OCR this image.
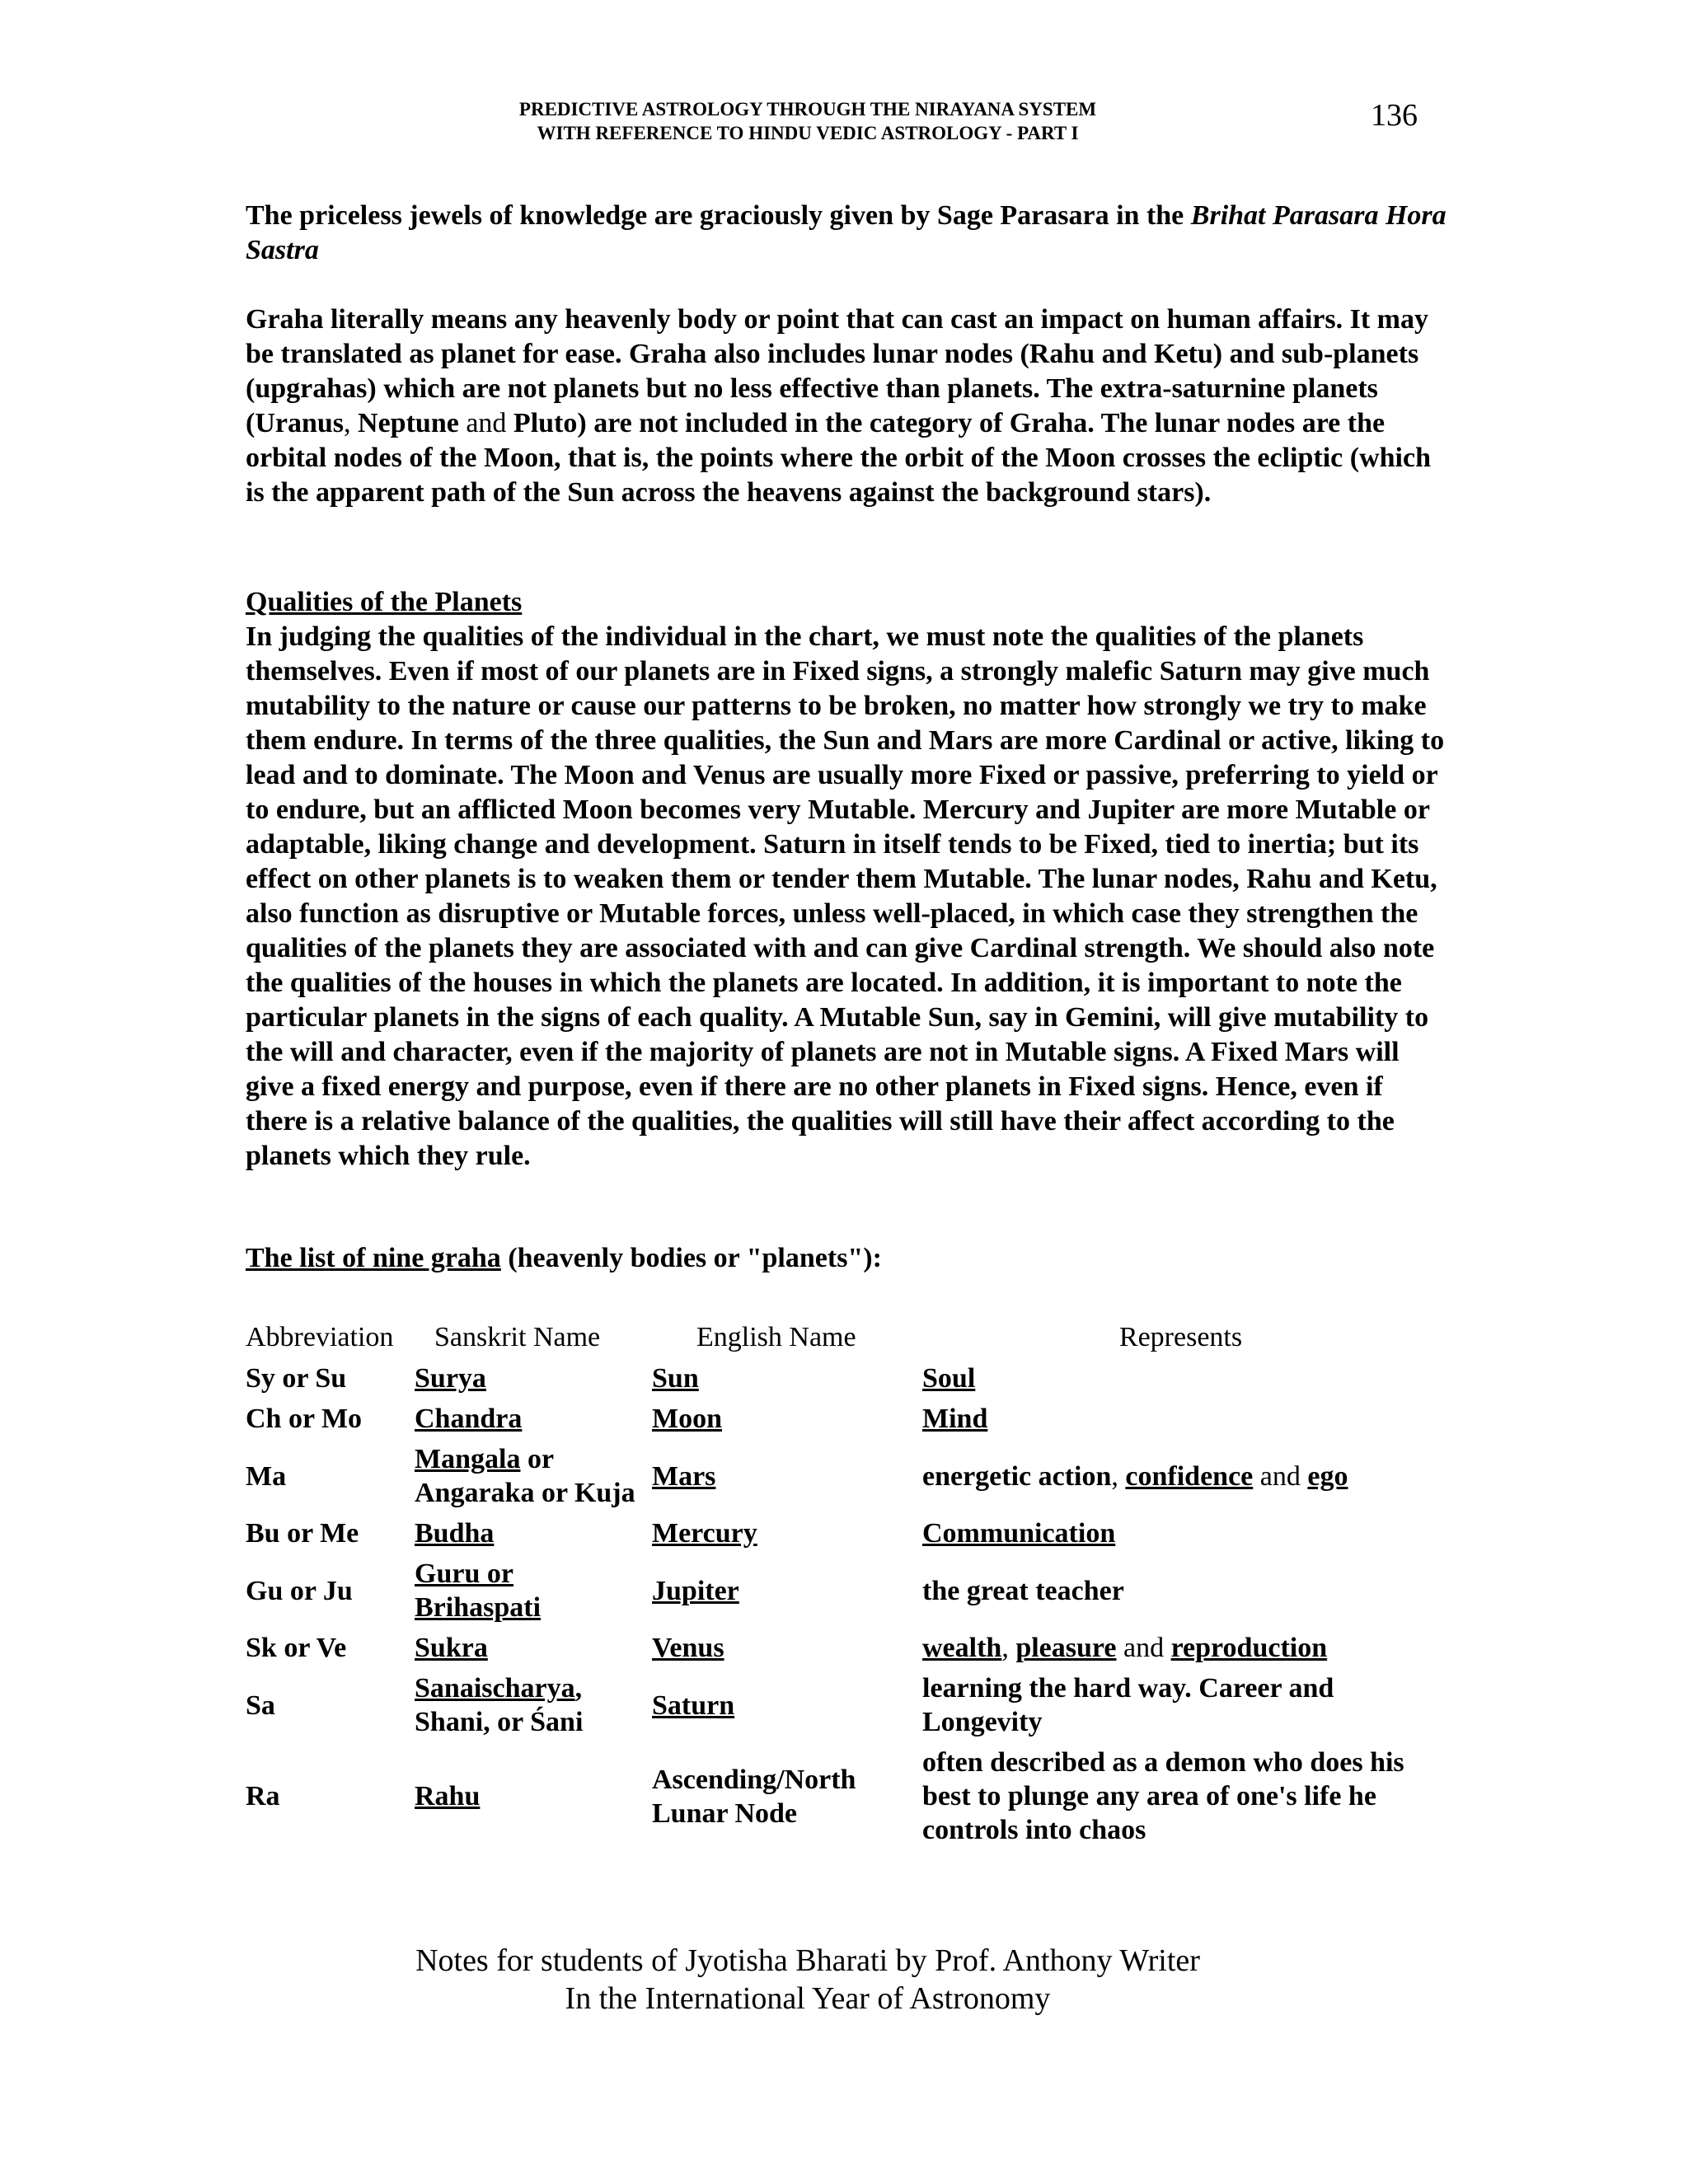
PREDICTIVE ASTROLOGY THROUGH THE NIRAYANA SYSTEM
WITH REFERENCE TO HINDU VEDIC ASTROLOGY - PART I
136
The priceless jewels of knowledge are graciously given by Sage Parasara in the Brihat Parasara Hora Sastra
Graha literally means any heavenly body or point that can cast an impact on human affairs. It may be translated as planet for ease. Graha also includes lunar nodes (Rahu and Ketu) and sub-planets (upgrahas) which are not planets but no less effective than planets. The extra-saturnine planets (Uranus, Neptune and Pluto) are not included in the category of Graha. The lunar nodes are the orbital nodes of the Moon, that is, the points where the orbit of the Moon crosses the ecliptic (which is the apparent path of the Sun across the heavens against the background stars).
Qualities of the Planets
In judging the qualities of the individual in the chart, we must note the qualities of the planets themselves. Even if most of our planets are in Fixed signs, a strongly malefic Saturn may give much mutability to the nature or cause our patterns to be broken, no matter how strongly we try to make them endure. In terms of the three qualities, the Sun and Mars are more Cardinal or active, liking to lead and to dominate. The Moon and Venus are usually more Fixed or passive, preferring to yield or to endure, but an afflicted Moon becomes very Mutable. Mercury and Jupiter are more Mutable or adaptable, liking change and development. Saturn in itself tends to be Fixed, tied to inertia; but its effect on other planets is to weaken them or tender them Mutable. The lunar nodes, Rahu and Ketu, also function as disruptive or Mutable forces, unless well-placed, in which case they strengthen the qualities of the planets they are associated with and can give Cardinal strength. We should also note the qualities of the houses in which the planets are located. In addition, it is important to note the particular planets in the signs of each quality. A Mutable Sun, say in Gemini, will give mutability to the will and character, even if the majority of planets are not in Mutable signs. A Fixed Mars will give a fixed energy and purpose, even if there are no other planets in Fixed signs. Hence, even if there is a relative balance of the qualities, the qualities will still have their affect according to the planets which they rule.
The list of nine graha (heavenly bodies or "planets"):
Abbreviation	Sanskrit Name	English Name	Represents
Sy or Su	Surya	Sun	Soul
Ch or Mo	Chandra	Moon	Mind
Ma	Mangala or Angaraka or Kuja	Mars	energetic action, confidence and ego
Bu or Me	Budha	Mercury	Communication
Gu or Ju	Guru or Brihaspati	Jupiter	the great teacher
Sk or Ve	Sukra	Venus	wealth, pleasure and reproduction
Sa	Sanaischarya, Shani, or Śani	Saturn	learning the hard way. Career and Longevity
Ra	Rahu	Ascending/North Lunar Node	often described as a demon who does his best to plunge any area of one's life he controls into chaos
Notes for students of Jyotisha Bharati by Prof. Anthony Writer
In the International Year of Astronomy
